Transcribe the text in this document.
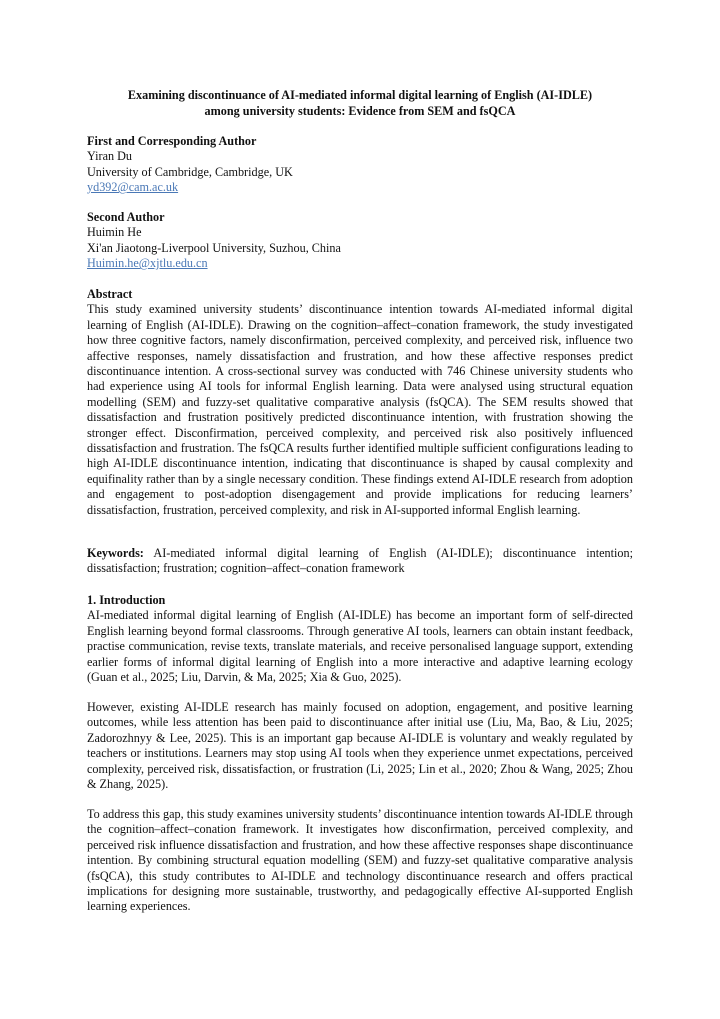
Examining discontinuance of AI-mediated informal digital learning of English (AI-IDLE)
among university students: Evidence from SEM and fsQCA
First and Corresponding Author
Yiran Du
University of Cambridge, Cambridge, UK
yd392@cam.ac.uk
Second Author
Huimin He
Xi'an Jiaotong-Liverpool University, Suzhou, China
Huimin.he@xjtlu.edu.cn
Abstract
This study examined university students’ discontinuance intention towards AI-mediated informal digital learning of English (AI-IDLE). Drawing on the cognition–affect–conation framework, the study investigated how three cognitive factors, namely disconfirmation, perceived complexity, and perceived risk, influence two affective responses, namely dissatisfaction and frustration, and how these affective responses predict discontinuance intention. A cross-sectional survey was conducted with 746 Chinese university students who had experience using AI tools for informal English learning. Data were analysed using structural equation modelling (SEM) and fuzzy-set qualitative comparative analysis (fsQCA). The SEM results showed that dissatisfaction and frustration positively predicted discontinuance intention, with frustration showing the stronger effect. Disconfirmation, perceived complexity, and perceived risk also positively influenced dissatisfaction and frustration. The fsQCA results further identified multiple sufficient configurations leading to high AI-IDLE discontinuance intention, indicating that discontinuance is shaped by causal complexity and equifinality rather than by a single necessary condition. These findings extend AI-IDLE research from adoption and engagement to post-adoption disengagement and provide implications for reducing learners’ dissatisfaction, frustration, perceived complexity, and risk in AI-supported informal English learning.
Keywords: AI-mediated informal digital learning of English (AI-IDLE); discontinuance intention; dissatisfaction; frustration; cognition–affect–conation framework
1. Introduction
AI-mediated informal digital learning of English (AI-IDLE) has become an important form of self-directed English learning beyond formal classrooms. Through generative AI tools, learners can obtain instant feedback, practise communication, revise texts, translate materials, and receive personalised language support, extending earlier forms of informal digital learning of English into a more interactive and adaptive learning ecology (Guan et al., 2025; Liu, Darvin, & Ma, 2025; Xia & Guo, 2025).
However, existing AI-IDLE research has mainly focused on adoption, engagement, and positive learning outcomes, while less attention has been paid to discontinuance after initial use (Liu, Ma, Bao, & Liu, 2025; Zadorozhnyy & Lee, 2025). This is an important gap because AI-IDLE is voluntary and weakly regulated by teachers or institutions. Learners may stop using AI tools when they experience unmet expectations, perceived complexity, perceived risk, dissatisfaction, or frustration (Li, 2025; Lin et al., 2020; Zhou & Wang, 2025; Zhou & Zhang, 2025).
To address this gap, this study examines university students’ discontinuance intention towards AI-IDLE through the cognition–affect–conation framework. It investigates how disconfirmation, perceived complexity, and perceived risk influence dissatisfaction and frustration, and how these affective responses shape discontinuance intention. By combining structural equation modelling (SEM) and fuzzy-set qualitative comparative analysis (fsQCA), this study contributes to AI-IDLE and technology discontinuance research and offers practical implications for designing more sustainable, trustworthy, and pedagogically effective AI-supported English learning experiences.
